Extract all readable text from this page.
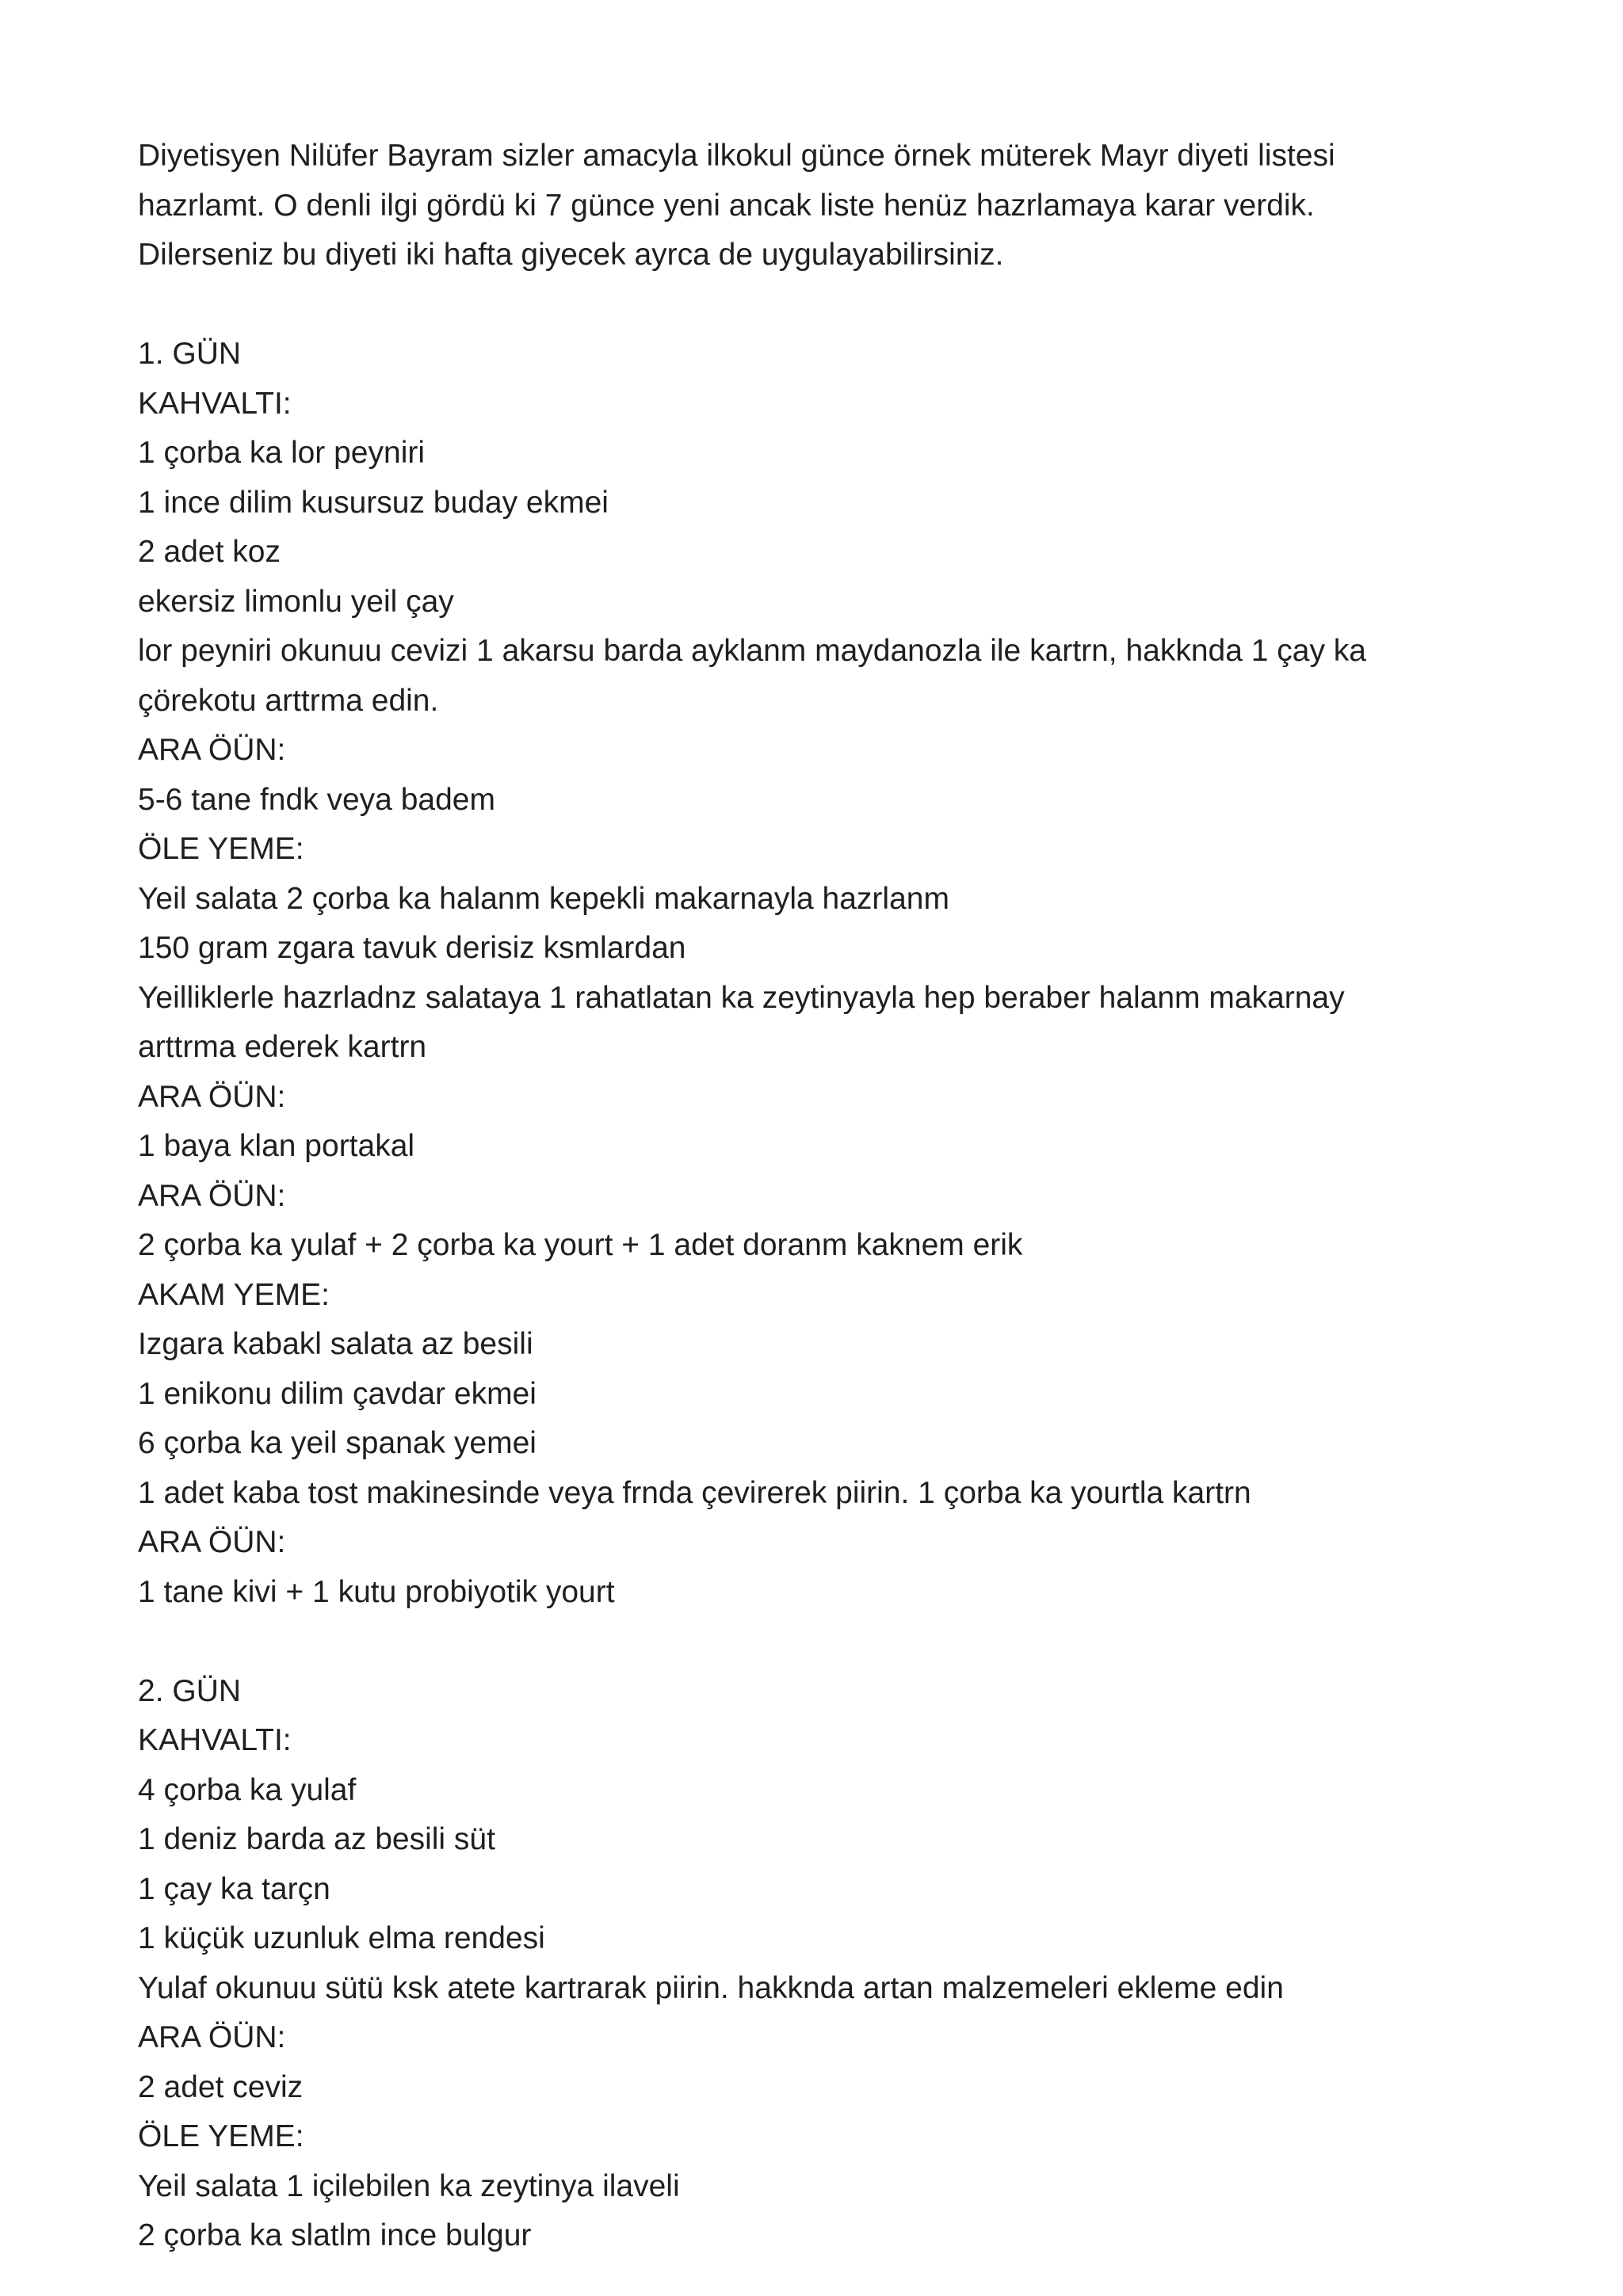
Diyetisyen Nilüfer Bayram sizler amacyla ilkokul günce örnek müterek Mayr diyeti listesi
hazrlamt. O denli ilgi gördü ki 7 günce yeni ancak liste henüz hazrlamaya karar verdik.
Dilerseniz bu diyeti iki hafta giyecek ayrca de uygulayabilirsiniz.
1. GÜN
KAHVALTI:
1 çorba ka lor peyniri
1 ince dilim kusursuz buday ekmei
2 adet koz
ekersiz limonlu yeil çay
lor peyniri okunuu cevizi 1 akarsu barda ayklanm maydanozla ile kartrn, hakknda 1 çay ka
çörekotu arttrma edin.
ARA ÖÜN:
5-6 tane fndk veya badem
ÖLE YEME:
Yeil salata 2 çorba ka halanm kepekli makarnayla hazrlanm
150 gram zgara tavuk derisiz ksmlardan
Yeilliklerle hazrladnz salataya 1 rahatlatan ka zeytinyayla hep beraber halanm makarnay
arttrma ederek kartrn
ARA ÖÜN:
1 baya klan portakal
ARA ÖÜN:
2 çorba ka yulaf + 2 çorba ka yourt + 1 adet doranm kaknem erik
AKAM YEME:
Izgara kabakl salata az besili
1 enikonu dilim çavdar ekmei
6 çorba ka yeil spanak yemei
1 adet kaba tost makinesinde veya frnda çevirerek piirin. 1 çorba ka yourtla kartrn
ARA ÖÜN:
1 tane kivi + 1 kutu probiyotik yourt
2. GÜN
KAHVALTI:
4 çorba ka yulaf
1 deniz barda az besili süt
1 çay ka tarçn
1 küçük uzunluk elma rendesi
Yulaf okunuu sütü ksk atete kartrarak piirin. hakknda artan malzemeleri ekleme edin
ARA ÖÜN:
2 adet ceviz
ÖLE YEME:
Yeil salata 1 içilebilen ka zeytinya ilaveli
2 çorba ka slatlm ince bulgur
